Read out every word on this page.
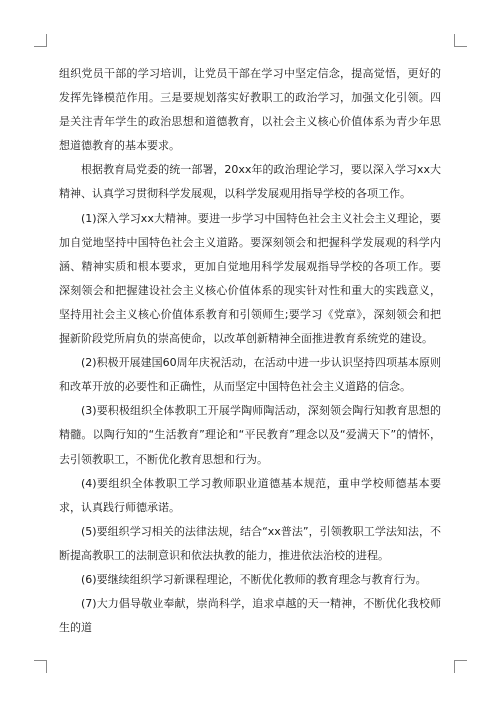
组织党员干部的学习培训，让党员干部在学习中坚定信念，提高觉悟，更好的发挥先锋模范作用。三是要规划落实好教职工的政治学习，加强文化引领。四是关注青年学生的政治思想和道德教育，以社会主义核心价值体系为青少年思想道德教育的基本要求。

根据教育局党委的统一部署，20xx年的政治理论学习，要以深入学习xx大精神、认真学习贯彻科学发展观，以科学发展观用指导学校的各项工作。

(1)深入学习xx大精神。要进一步学习中国特色社会主义社会主义理论，要加自觉地坚持中国特色社会主义道路。要深刻领会和把握科学发展观的科学内涵、精神实质和根本要求，更加自觉地用科学发展观指导学校的各项工作。要深刻领会和把握建设社会主义核心价值体系的现实针对性和重大的实践意义，坚持用社会主义核心价值体系教育和引领师生;要学习《党章》，深刻领会和把握新阶段党所肩负的崇高使命，以改革创新精神全面推进教育系统党的建设。

(2)积极开展建国60周年庆祝活动，在活动中进一步认识坚持四项基本原则和改革开放的必要性和正确性，从而坚定中国特色社会主义道路的信念。

(3)要积极组织全体教职工开展学陶师陶活动，深刻领会陶行知教育思想的精髓。以陶行知的“生活教育”理论和“平民教育”理念以及“爱满天下”的情怀，去引领教职工，不断优化教育思想和行为。

(4)要组织全体教职工学习教师职业道德基本规范，重申学校师德基本要求，认真践行师德承诺。

(5)要组织学习相关的法律法规，结合“xx普法”，引领教职工学法知法，不断提高教职工的法制意识和依法执教的能力，推进依法治校的进程。

(6)要继续组织学习新课程理论，不断优化教师的教育理念与教育行为。

(7)大力倡导敬业奉献，崇尚科学，追求卓越的天一精神，不断优化我校师生的道
